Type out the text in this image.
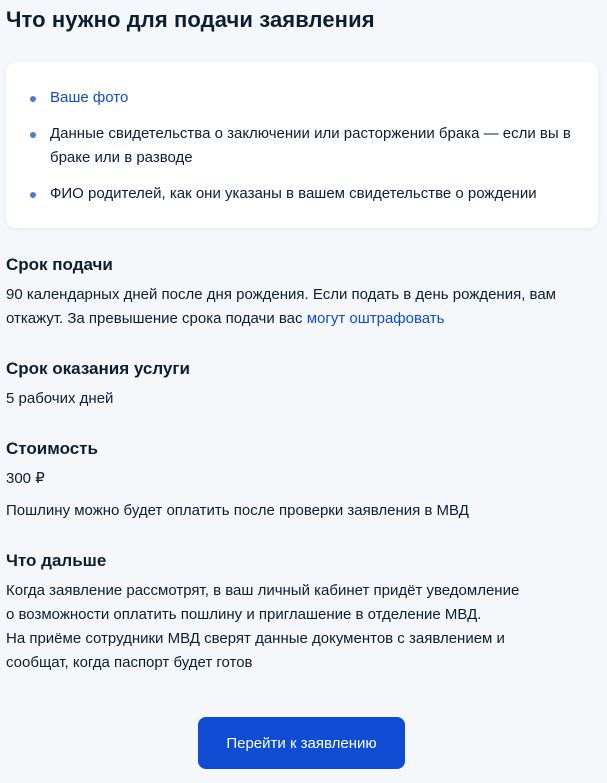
Что нужно для подачи заявления
Ваше фото
Данные свидетельства о заключении или расторжении брака — если вы в браке или в разводе
ФИО родителей, как они указаны в вашем свидетельстве о рождении
Срок подачи

90 календарных дней после дня рождения. Если подать в день рождения, вам откажут. За превышение срока подачи вас могут оштрафовать

Срок оказания услуги

5 рабочих дней

Стоимость

300 ₽

Пошлину можно будет оплатить после проверки заявления в МВД

Что дальше

Когда заявление рассмотрят, в ваш личный кабинет придёт уведомление
о возможности оплатить пошлину и приглашение в отделение МВД.
На приёме сотрудники МВД сверят данные документов с заявлением и
сообщат, когда паспорт будет готов

Перейти к заявлению
